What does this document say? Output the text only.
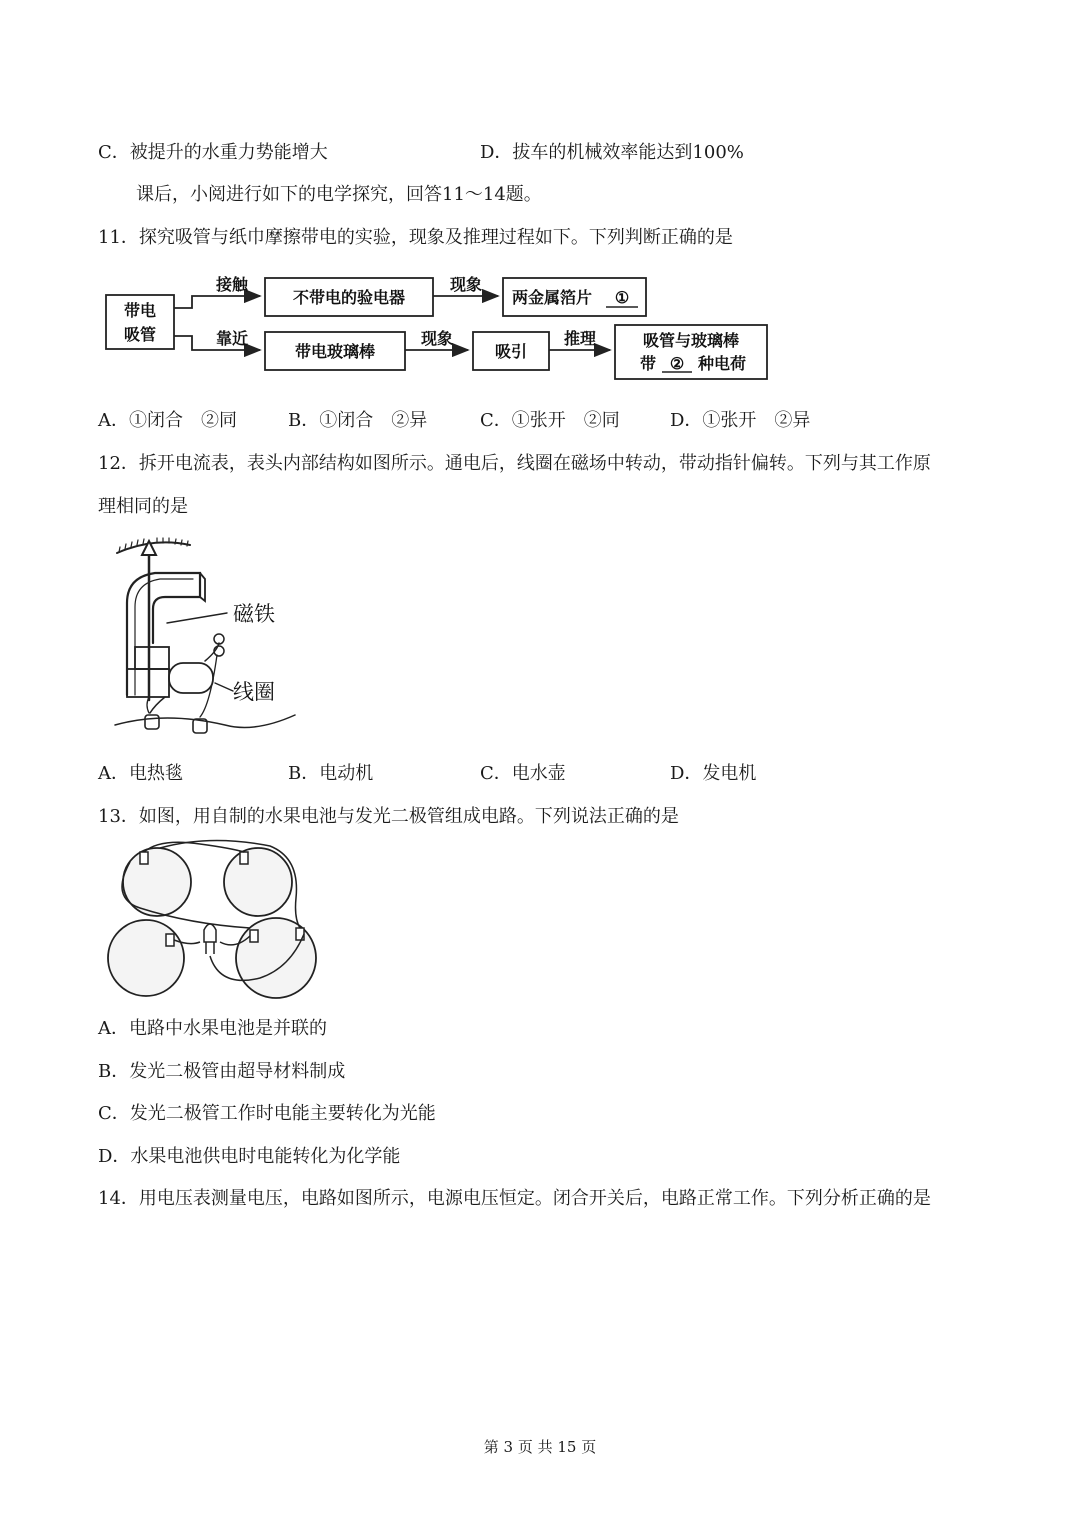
C．被提升的水重力势能增大	D．拔车的机械效率能达到100%
课后，小阅进行如下的电学探究，回答11～14题。
11．探究吸管与纸巾摩擦带电的实验，现象及推理过程如下。下列判断正确的是
带电
吸管
接触
靠近
不带电的验电器
现象
两金属箔片 ①
带电玻璃棒
现象
吸引
推理	吸管与玻璃棒
带 ② 种电荷
A．①闭合　②同	B．①闭合　②异	C．①张开　②同	D．①张开　②异
12．拆开电流表，表头内部结构如图所示。通电后，线圈在磁场中转动，带动指针偏转。下列与其工作原
理相同的是
磁铁
线圈
A．电热毯	B．电动机	C．电水壶	D．发电机
13．如图，用自制的水果电池与发光二极管组成电路。下列说法正确的是
A．电路中水果电池是并联的
B．发光二极管由超导材料制成
C．发光二极管工作时电能主要转化为光能
D．水果电池供电时电能转化为化学能
14．用电压表测量电压，电路如图所示，电源电压恒定。闭合开关后，电路正常工作。下列分析正确的是
第 3 页 共 15 页
